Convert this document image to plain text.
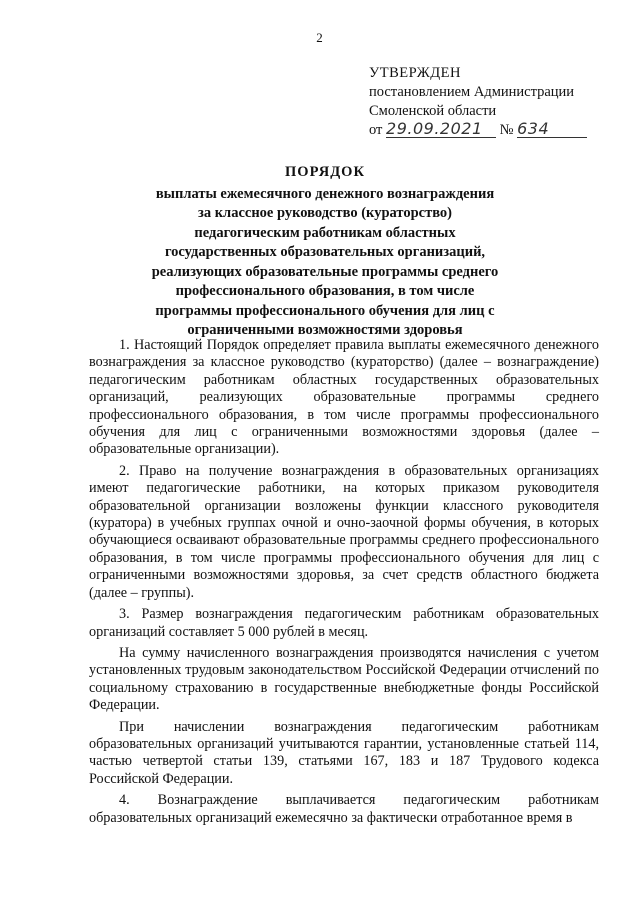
2
УТВЕРЖДЕН
постановлением Администрации
Смоленской области
от 29.09.2021 № 634
ПОРЯДОК
выплаты ежемесячного денежного вознаграждения
за классное руководство (кураторство)
педагогическим работникам областных
государственных образовательных организаций,
реализующих образовательные программы среднего
профессионального образования, в том числе
программы профессионального обучения для лиц с
ограниченными возможностями здоровья

1. Настоящий Порядок определяет правила выплаты ежемесячного денежного вознаграждения за классное руководство (кураторство) (далее – вознаграждение) педагогическим работникам областных государственных образовательных организаций, реализующих образовательные программы среднего профессионального образования, в том числе программы профессионального обучения для лиц с ограниченными возможностями здоровья (далее – образовательные организации).

2. Право на получение вознаграждения в образовательных организациях имеют педагогические работники, на которых приказом руководителя образовательной организации возложены функции классного руководителя (куратора) в учебных группах очной и очно-заочной формы обучения, в которых обучающиеся осваивают образовательные программы среднего профессионального образования, в том числе программы профессионального обучения для лиц с ограниченными возможностями здоровья, за счет средств областного бюджета (далее – группы).

3. Размер вознаграждения педагогическим работникам образовательных организаций составляет 5 000 рублей в месяц.

На сумму начисленного вознаграждения производятся начисления с учетом установленных трудовым законодательством Российской Федерации отчислений по социальному страхованию в государственные внебюджетные фонды Российской Федерации.

При начислении вознаграждения педагогическим работникам образовательных организаций учитываются гарантии, установленные статьей 114, частью четвертой статьи 139, статьями 167, 183 и 187 Трудового кодекса Российской Федерации.

4. Вознаграждение выплачивается педагогическим работникам образовательных организаций ежемесячно за фактически отработанное время в
